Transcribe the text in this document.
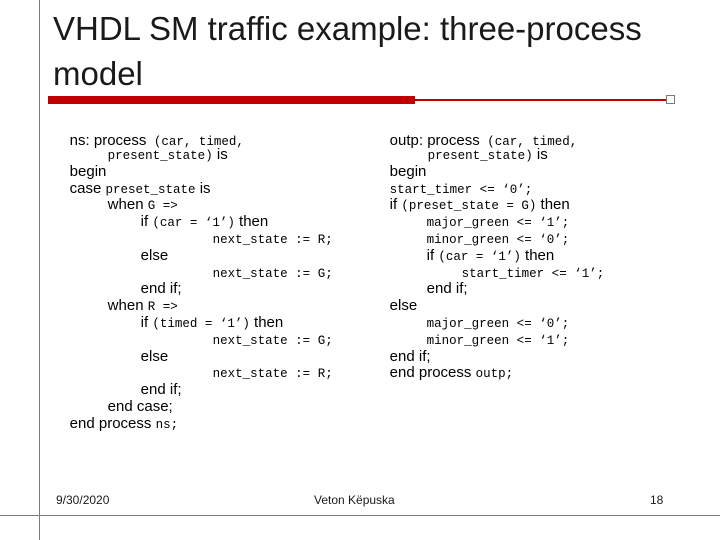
VHDL SM traffic example: three-process model

ns: process (car, timed,

present_state) is

begin

case preset_state is

when G =>

if (car = ‘1’) then

next_state := R;

else

next_state := G;

end if;

when R =>

if (timed = ‘1’) then

next_state := G;

else

next_state := R;

end if;

end case;

end process ns;

outp: process (car, timed,

present_state) is

begin

start_timer <= ‘0’;

if (preset_state = G) then

major_green <= ‘1’;

minor_green <= ‘0’;

if (car = ‘1’) then

start_timer <= ‘1’;

end if;

else

major_green <= ‘0’;

minor_green <= ‘1’;

end if;

end process outp;

9/30/2020	Veton Këpuska	18
